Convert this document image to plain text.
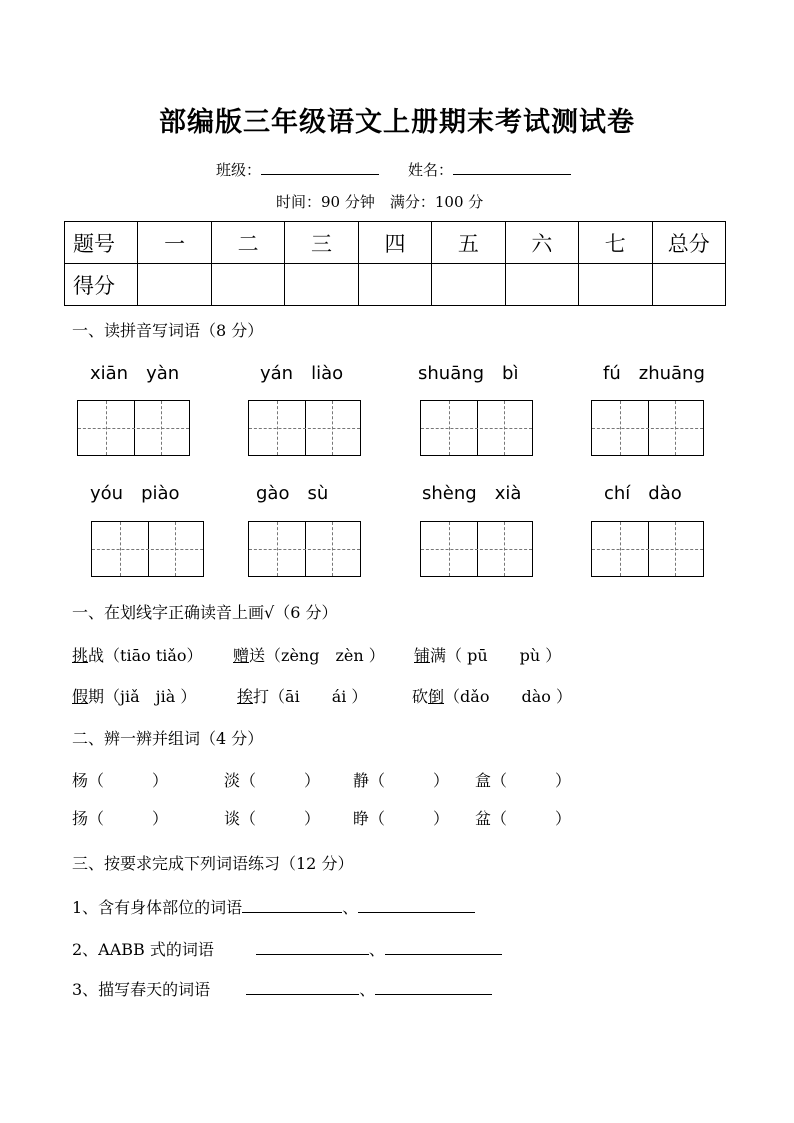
部编版三年级语文上册期末考试测试卷
班级：	姓名：
时间：90 分钟　满分：100 分
题号	一	二	三	四	五	六	七	总分
得分								
一、读拼音写词语（8 分）
xiān　yàn	yán　liào	shuāng　bì	fú　zhuāng
yóu　piào	gào　sù	shèng　xià	chí　dào
一、在划线字正确读音上画√（6 分）
挑战（tiāo tiǎo） 赠送（zèng　zèn ） 铺满（ pū　　pù ）
假期（jiǎ　jià ）	挨打（āi　　ái ）	砍倒（dǎo　　dào ）
二、辨一辨并组词（4 分）
杨（　　　）	淡（　　　） 静（　　　） 盒（　　　）
扬（　　　）	谈（　　　） 睁（　　　） 盆（　　　）
三、按要求完成下列词语练习（12 分）
1、含有身体部位的词语	、
2、AABB 式的词语	、
3、描写春天的词语	、
